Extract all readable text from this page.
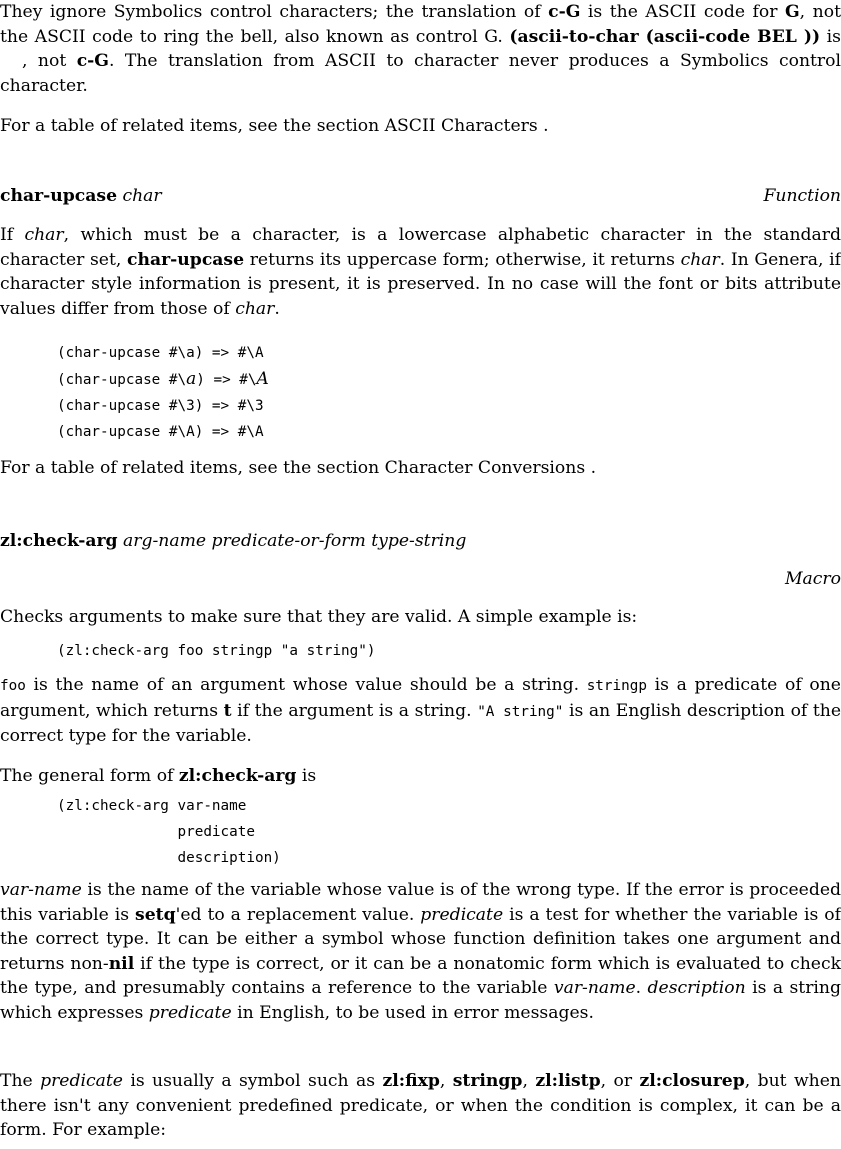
They ignore Symbolics control characters; the translation of c-G is the ASCII code for G, not the ASCII code to ring the bell, also known as control G. (ascii-to-char (ascii-code BEL )) is , not c-G. The translation from ASCII to character never produces a Symbolics control character.

For a table of related items, see the section ASCII Characters .

char-upcase char	Function

If char, which must be a character, is a lowercase alphabetic character in the standard character set, char-upcase returns its uppercase form; otherwise, it returns char. In Genera, if character style information is present, it is preserved. In no case will the font or bits attribute values differ from those of char.

(char-upcase #\a) => #\A
(char-upcase #\a) => #\A
(char-upcase #\3) => #\3
(char-upcase #\A) => #\A

For a table of related items, see the section Character Conversions .

zl:check-arg arg-name predicate-or-form type-string
Macro

Checks arguments to make sure that they are valid. A simple example is:

(zl:check-arg foo stringp "a string")

foo is the name of an argument whose value should be a string. stringp is a predicate of one argument, which returns t if the argument is a string. "A string" is an English description of the correct type for the variable.

The general form of zl:check-arg is

(zl:check-arg var-name
predicate
description)

var-name is the name of the variable whose value is of the wrong type. If the error is proceeded this variable is setq'ed to a replacement value. predicate is a test for whether the variable is of the correct type. It can be either a symbol whose function definition takes one argument and returns non-nil if the type is correct, or it can be a nonatomic form which is evaluated to check the type, and presumably contains a reference to the variable var-name. description is a string which expresses predicate in English, to be used in error messages.

The predicate is usually a symbol such as zl:fixp, stringp, zl:listp, or zl:closurep, but when there isn't any convenient predefined predicate, or when the condition is complex, it can be a form. For example:
